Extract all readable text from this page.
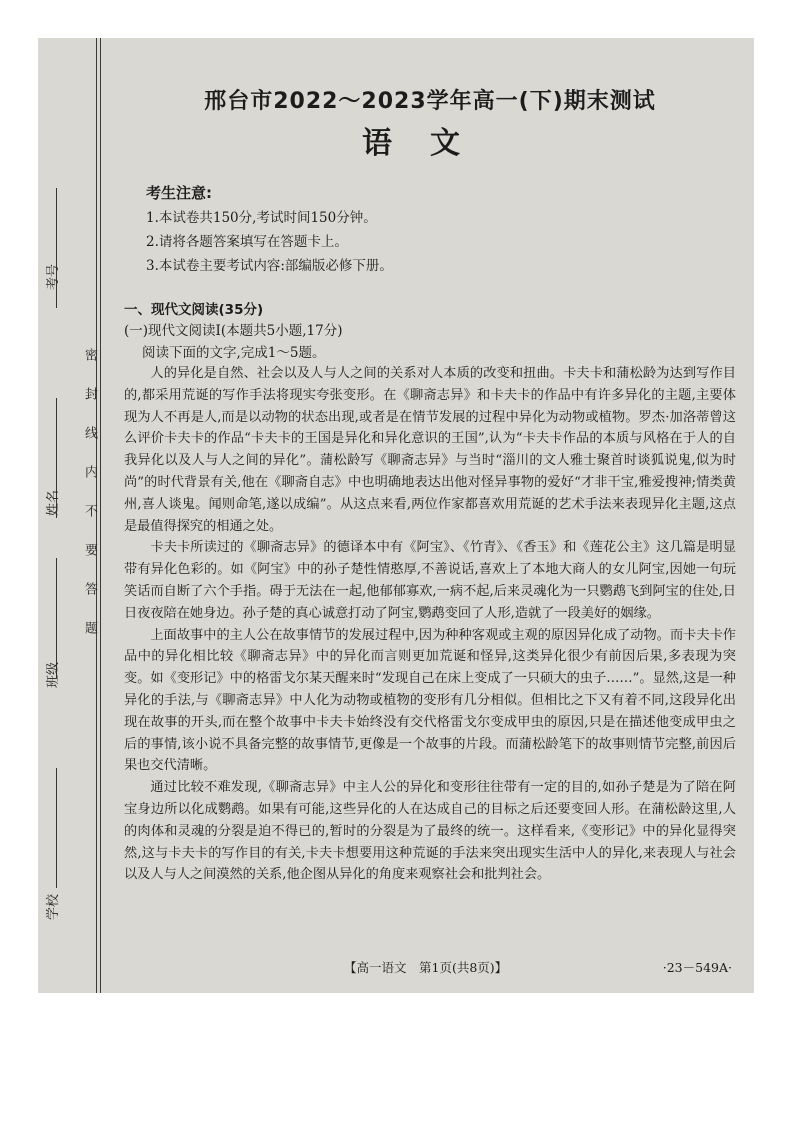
考号
姓名
班级
学校
密封线内不要答题
邢台市2022～2023学年高一(下)期末测试
语文
考生注意:
1.本试卷共150分,考试时间150分钟。
2.请将各题答案填写在答题卡上。
3.本试卷主要考试内容:部编版必修下册。
一、现代文阅读(35分)
(一)现代文阅读Ⅰ(本题共5小题,17分)
阅读下面的文字,完成1～5题。

人的异化是自然、社会以及人与人之间的关系对人本质的改变和扭曲。卡夫卡和蒲松龄为达到写作目的,都采用荒诞的写作手法将现实夸张变形。在《聊斋志异》和卡夫卡的作品中有许多异化的主题,主要体现为人不再是人,而是以动物的状态出现,或者是在情节发展的过程中异化为动物或植物。罗杰·加洛蒂曾这么评价卡夫卡的作品“卡夫卡的王国是异化和异化意识的王国”,认为“卡夫卡作品的本质与风格在于人的自我异化以及人与人之间的异化”。蒲松龄写《聊斋志异》与当时“淄川的文人雅士聚首时谈狐说鬼,似为时尚”的时代背景有关,他在《聊斋自志》中也明确地表达出他对怪异事物的爱好“才非干宝,雅爱搜神;情类黄州,喜人谈鬼。闻则命笔,遂以成编”。从这点来看,两位作家都喜欢用荒诞的艺术手法来表现异化主题,这点是最值得探究的相通之处。

卡夫卡所读过的《聊斋志异》的德译本中有《阿宝》、《竹青》、《香玉》和《莲花公主》这几篇是明显带有异化色彩的。如《阿宝》中的孙子楚性情憨厚,不善说话,喜欢上了本地大商人的女儿阿宝,因她一句玩笑话而自断了六个手指。碍于无法在一起,他郁郁寡欢,一病不起,后来灵魂化为一只鹦鹉飞到阿宝的住处,日日夜夜陪在她身边。孙子楚的真心诚意打动了阿宝,鹦鹉变回了人形,造就了一段美好的姻缘。

上面故事中的主人公在故事情节的发展过程中,因为种种客观或主观的原因异化成了动物。而卡夫卡作品中的异化相比较《聊斋志异》中的异化而言则更加荒诞和怪异,这类异化很少有前因后果,多表现为突变。如《变形记》中的格雷戈尔某天醒来时“发现自己在床上变成了一只硕大的虫子……”。显然,这是一种异化的手法,与《聊斋志异》中人化为动物或植物的变形有几分相似。但相比之下又有着不同,这段异化出现在故事的开头,而在整个故事中卡夫卡始终没有交代格雷戈尔变成甲虫的原因,只是在描述他变成甲虫之后的事情,该小说不具备完整的故事情节,更像是一个故事的片段。而蒲松龄笔下的故事则情节完整,前因后果也交代清晰。

通过比较不难发现,《聊斋志异》中主人公的异化和变形往往带有一定的目的,如孙子楚是为了陪在阿宝身边所以化成鹦鹉。如果有可能,这些异化的人在达成自己的目标之后还要变回人形。在蒲松龄这里,人的肉体和灵魂的分裂是迫不得已的,暂时的分裂是为了最终的统一。这样看来,《变形记》中的异化显得突然,这与卡夫卡的写作目的有关,卡夫卡想要用这种荒诞的手法来突出现实生活中人的异化,来表现人与社会以及人与人之间漠然的关系,他企图从异化的角度来观察社会和批判社会。

【高一语文　第1页(共8页)】	·23－549A·
